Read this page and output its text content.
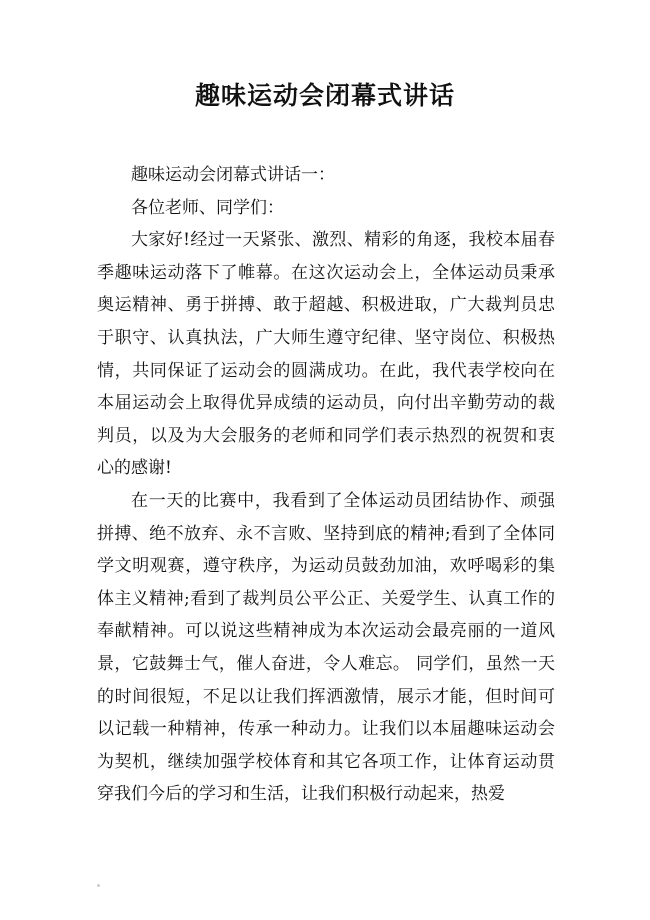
趣味运动会闭幕式讲话

趣味运动会闭幕式讲话一：

各位老师、同学们：

大家好!经过一天紧张、激烈、精彩的角逐，我校本届春季趣味运动落下了帷幕。在这次运动会上，全体运动员秉承奥运精神、勇于拼搏、敢于超越、积极进取，广大裁判员忠于职守、认真执法，广大师生遵守纪律、坚守岗位、积极热情，共同保证了运动会的圆满成功。在此，我代表学校向在本届运动会上取得优异成绩的运动员，向付出辛勤劳动的裁判员，以及为大会服务的老师和同学们表示热烈的祝贺和衷心的感谢!

在一天的比赛中，我看到了全体运动员团结协作、顽强拼搏、绝不放弃、永不言败、坚持到底的精神;看到了全体同学文明观赛，遵守秩序，为运动员鼓劲加油，欢呼喝彩的集体主义精神;看到了裁判员公平公正、关爱学生、认真工作的奉献精神。可以说这些精神成为本次运动会最亮丽的一道风景，它鼓舞士气，催人奋进，令人难忘。 同学们，虽然一天的时间很短，不足以让我们挥洒激情，展示才能，但时间可以记载一种精神，传承一种动力。让我们以本届趣味运动会为契机，继续加强学校体育和其它各项工作，让体育运动贯穿我们今后的学习和生活，让我们积极行动起来，热爱
